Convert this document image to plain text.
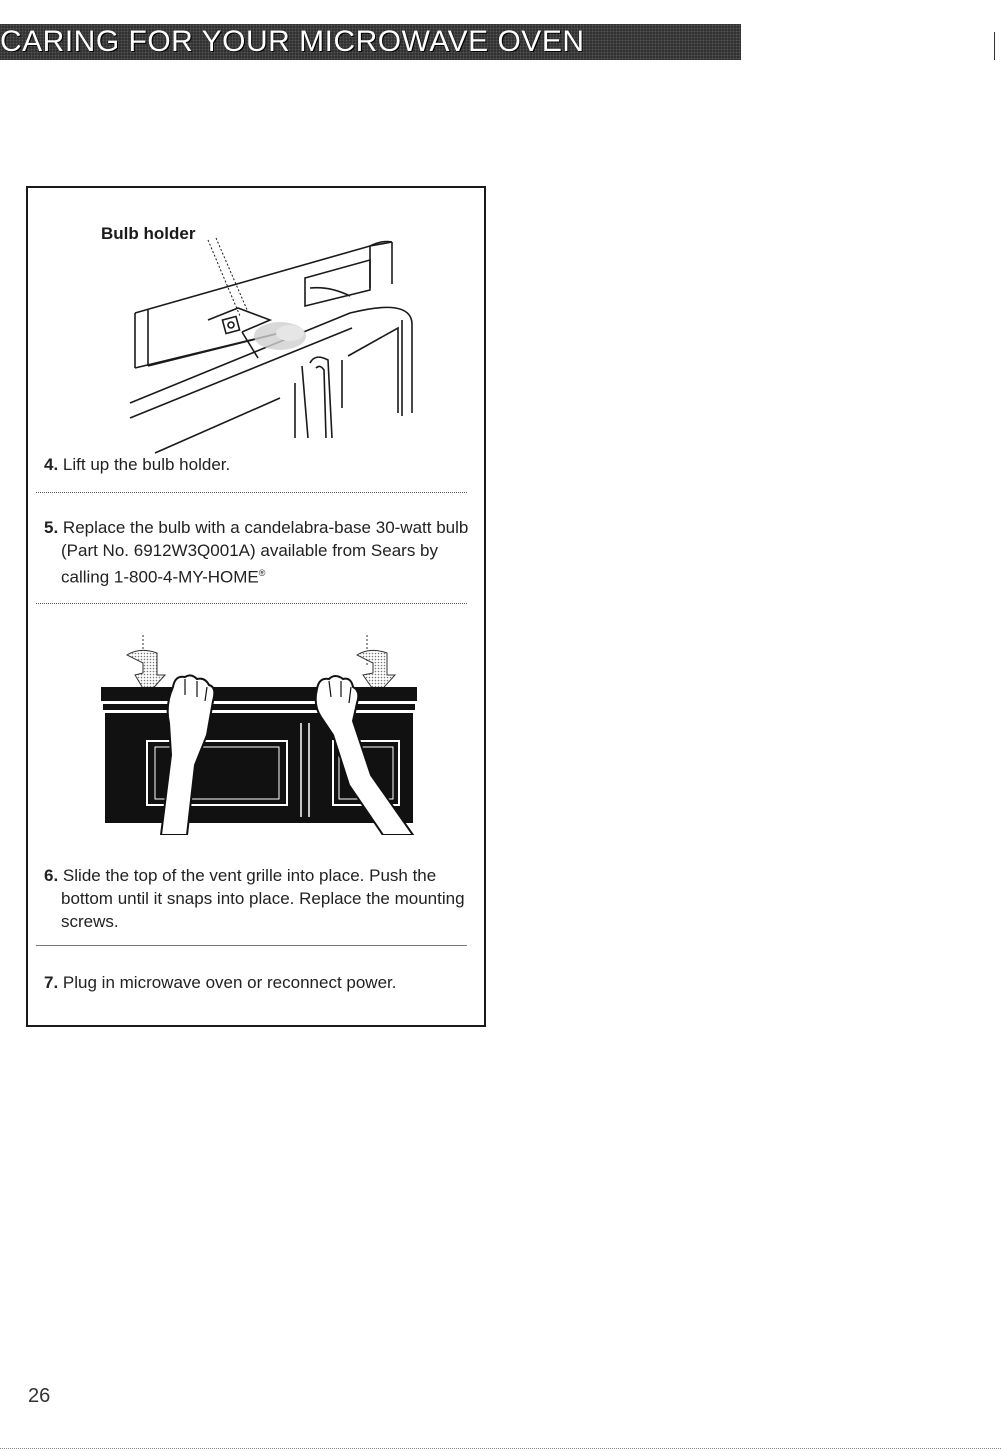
CARING FOR YOUR MICROWAVE OVEN
Bulb holder
4. Lift up the bulb holder.
5. Replace the bulb with a candelabra-base 30-watt bulb (Part No. 6912W3Q001A) available from Sears by calling 1-800-4-MY-HOME®
6. Slide the top of the vent grille into place. Push the bottom until it snaps into place. Replace the mounting screws.
7. Plug in microwave oven or reconnect power.
26
